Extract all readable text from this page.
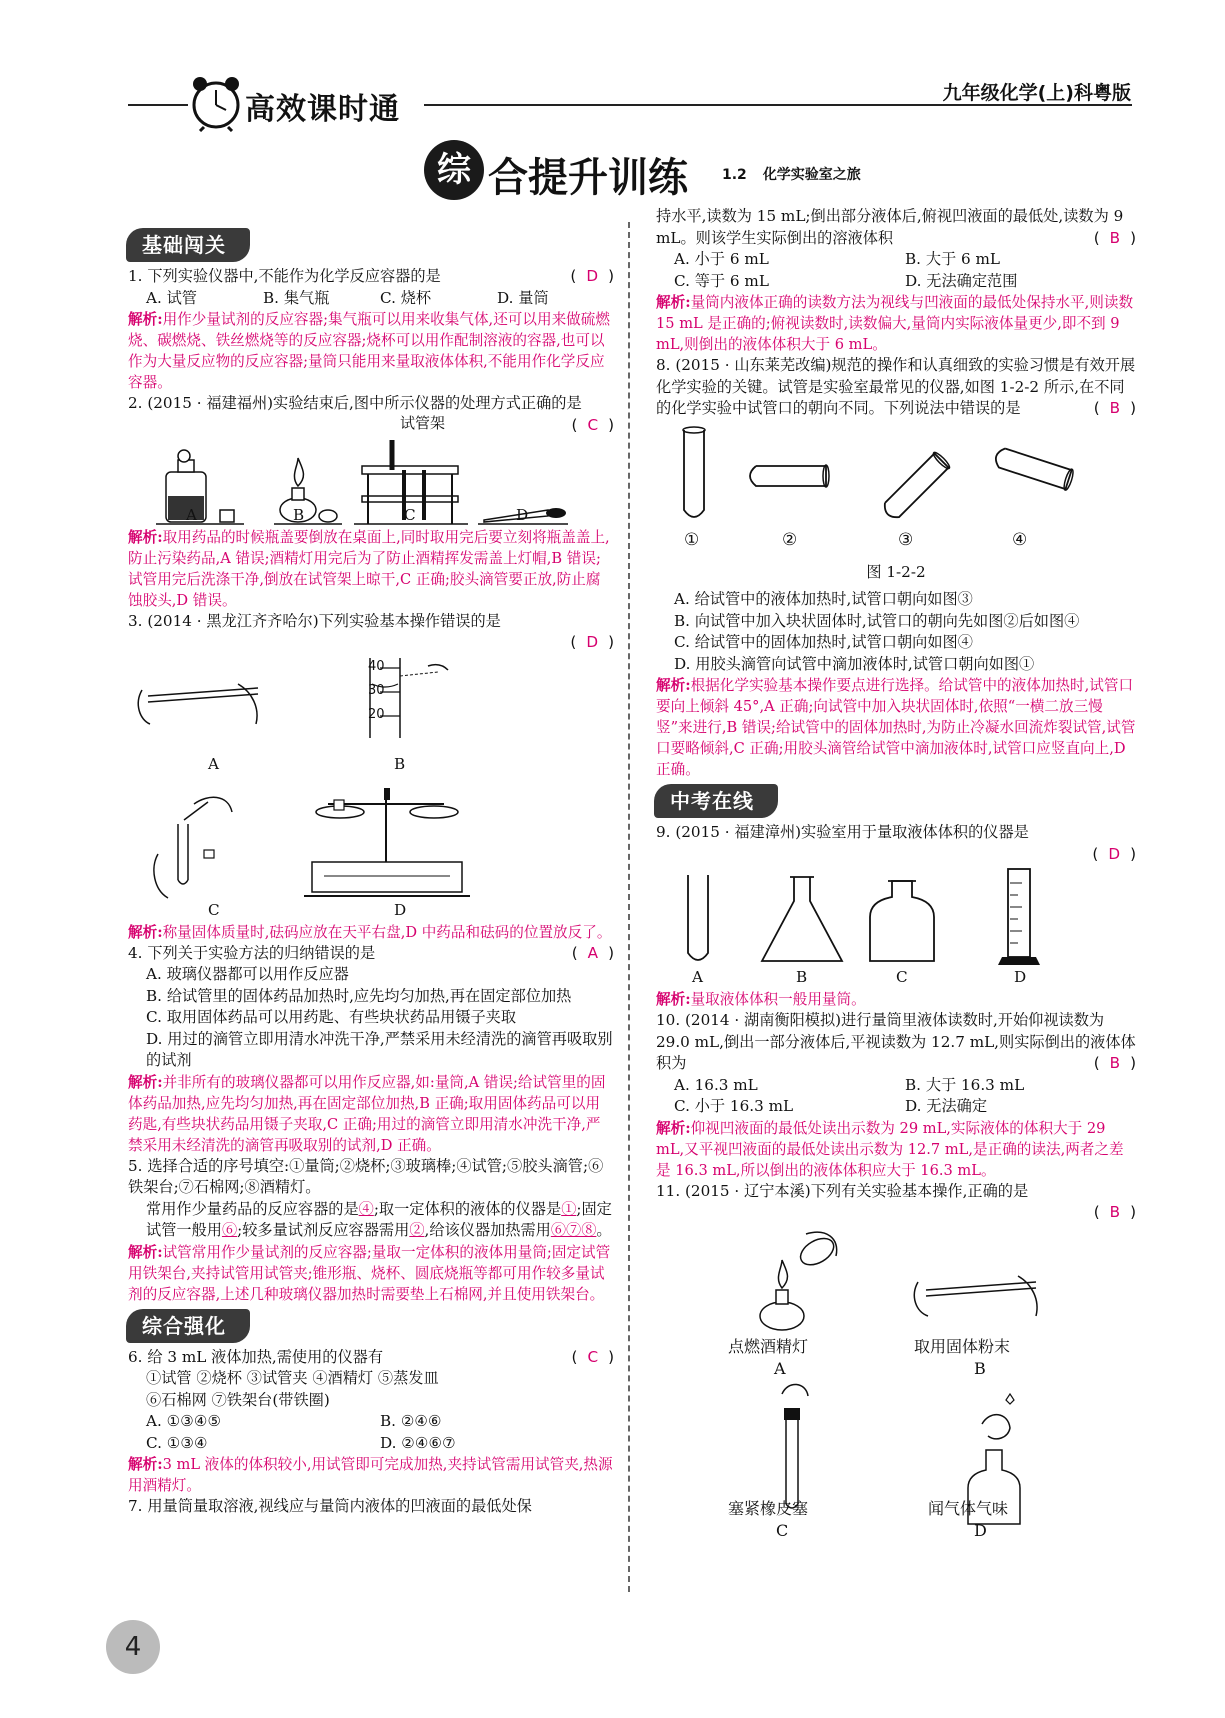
高效课时通	九年级化学(上)科粤版
综 合提升训练 1.2 化学实验室之旅
基础闯关
( D )
1. 下列实验仪器中,不能作为化学反应容器的是
A. 试管	B. 集气瓶	C. 烧杯	D. 量筒
解析:用作少量试剂的反应容器;集气瓶可以用来收集气体,还可以用来做硫燃烧、碳燃烧、铁丝燃烧等的反应容器;烧杯可以用作配制溶液的容器,也可以作为大量反应物的反应容器;量筒只能用来量取液体体积,不能用作化学反应容器。
2. (2015 · 福建福州)实验结束后,图中所示仪器的处理方式正确的是
( C )
试管架
A	B	C	D
解析:取用药品的时候瓶盖要倒放在桌面上,同时取用完后要立刻将瓶盖盖上,防止污染药品,A 错误;酒精灯用完后为了防止酒精挥发需盖上灯帽,B 错误;试管用完后洗涤干净,倒放在试管架上晾干,C 正确;胶头滴管要正放,防止腐蚀胶头,D 错误。
3. (2014 · 黑龙江齐齐哈尔)下列实验基本操作错误的是
( D )
40
30
20
A	B
C	D
解析:称量固体质量时,砝码应放在天平右盘,D 中药品和砝码的位置放反了。
( A )
4. 下列关于实验方法的归纳错误的是
A. 玻璃仪器都可以用作反应器
B. 给试管里的固体药品加热时,应先均匀加热,再在固定部位加热
C. 取用固体药品可以用药匙、有些块状药品用镊子夹取
D. 用过的滴管立即用清水冲洗干净,严禁采用未经清洗的滴管再吸取别的试剂
解析:并非所有的玻璃仪器都可以用作反应器,如:量筒,A 错误;给试管里的固体药品加热,应先均匀加热,再在固定部位加热,B 正确;取用固体药品可以用药匙,有些块状药品用镊子夹取,C 正确;用过的滴管立即用清水冲洗干净,严禁采用未经清洗的滴管再吸取别的试剂,D 正确。
5. 选择合适的序号填空:①量筒;②烧杯;③玻璃棒;④试管;⑤胶头滴管;⑥铁架台;⑦石棉网;⑧酒精灯。
常用作少量药品的反应容器的是④;取一定体积的液体的仪器是①;固定试管一般用⑥;较多量试剂反应容器需用②,给该仪器加热需用⑥⑦⑧。
解析:试管常用作少量试剂的反应容器;量取一定体积的液体用量筒;固定试管用铁架台,夹持试管用试管夹;锥形瓶、烧杯、圆底烧瓶等都可用作较多量试剂的反应容器,上述几种玻璃仪器加热时需要垫上石棉网,并且使用铁架台。
综合强化
( C )
6. 给 3 mL 液体加热,需使用的仪器有
①试管 ②烧杯 ③试管夹 ④酒精灯 ⑤蒸发皿
⑥石棉网 ⑦铁架台(带铁圈)
A. ①③④⑤	B. ②④⑥
C. ①③④	D. ②④⑥⑦
解析:3 mL 液体的体积较小,用试管即可完成加热,夹持试管需用试管夹,热源用酒精灯。
7. 用量筒量取溶液,视线应与量筒内液体的凹液面的最低处保
持水平,读数为 15 mL;倒出部分液体后,俯视凹液面的最低处,读数为 9 mL。则该学生实际倒出的溶液体积	( B )
A. 小于 6 mL	B. 大于 6 mL
C. 等于 6 mL	D. 无法确定范围
解析:量筒内液体正确的读数方法为视线与凹液面的最低处保持水平,则读数 15 mL 是正确的;俯视读数时,读数偏大,量筒内实际液体量更少,即不到 9 mL,则倒出的液体体积大于 6 mL。
8. (2015 · 山东莱芜改编)规范的操作和认真细致的实验习惯是有效开展化学实验的关键。试管是实验室最常见的仪器,如图 1-2-2 所示,在不同的化学实验中试管口的朝向不同。下列说法中错误的是	( B )
①	②	③	④
图 1-2-2
A. 给试管中的液体加热时,试管口朝向如图③
B. 向试管中加入块状固体时,试管口的朝向先如图②后如图④
C. 给试管中的固体加热时,试管口朝向如图④
D. 用胶头滴管向试管中滴加液体时,试管口朝向如图①
解析:根据化学实验基本操作要点进行选择。给试管中的液体加热时,试管口要向上倾斜 45°,A 正确;向试管中加入块状固体时,依照“一横二放三慢竖”来进行,B 错误;给试管中的固体加热时,为防止冷凝水回流炸裂试管,试管口要略倾斜,C 正确;用胶头滴管给试管中滴加液体时,试管口应竖直向上,D 正确。
中考在线
9. (2015 · 福建漳州)实验室用于量取液体体积的仪器是
( D )
A	B	C	D
解析:量取液体体积一般用量筒。
10. (2014 · 湖南衡阳模拟)进行量筒里液体读数时,开始仰视读数为 29.0 mL,倒出一部分液体后,平视读数为 12.7 mL,则实际倒出的液体体积为	( B )
A. 16.3 mL	B. 大于 16.3 mL
C. 小于 16.3 mL	D. 无法确定
解析:仰视凹液面的最低处读出示数为 29 mL,实际液体的体积大于 29 mL,又平视凹液面的最低处读出示数为 12.7 mL,是正确的读法,两者之差是 16.3 mL,所以倒出的液体体积应大于 16.3 mL。
11. (2015 · 辽宁本溪)下列有关实验基本操作,正确的是
( B )
点燃酒精灯
A
取用固体粉末
B
塞紧橡皮塞
C
闻气体气味
D
4
